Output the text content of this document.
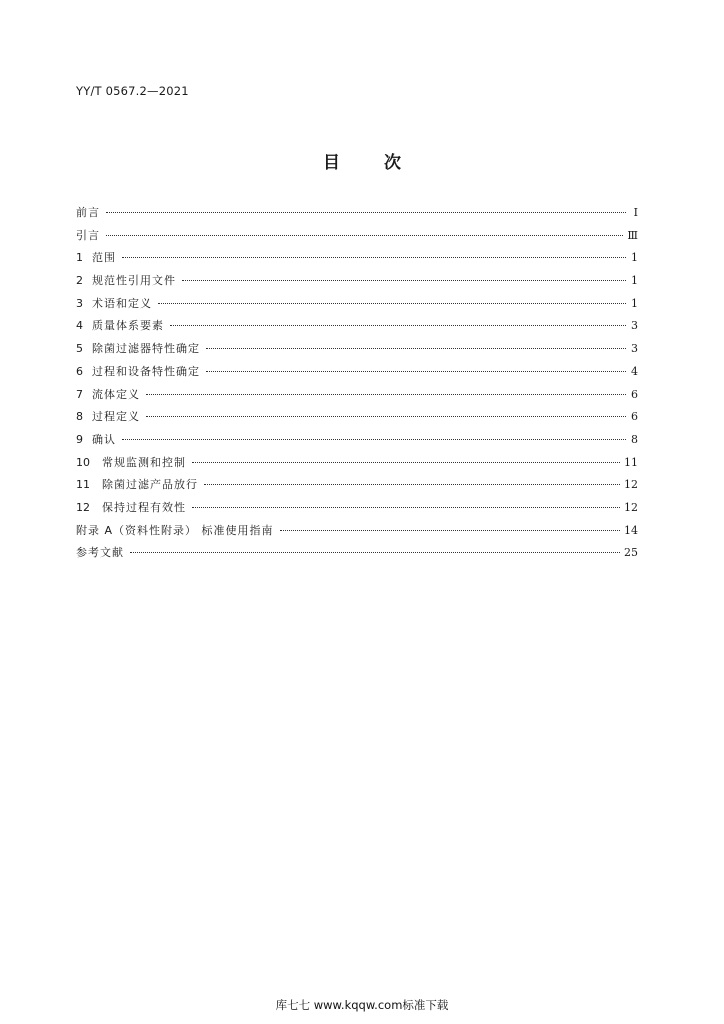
YY/T 0567.2—2021
目	次
前言	Ⅰ
引言	Ⅲ
1 范围	1
2 规范性引用文件	1
3 术语和定义	1
4 质量体系要素	3
5 除菌过滤器特性确定	3
6 过程和设备特性确定	4
7 流体定义	6
8 过程定义	6
9 确认	8
10	常规监测和控制	11
11	除菌过滤产品放行	12
12	保持过程有效性	12
附录 A（资料性附录） 标准使用指南	14
参考文献	25
库七七 www.kqqw.com标准下载
